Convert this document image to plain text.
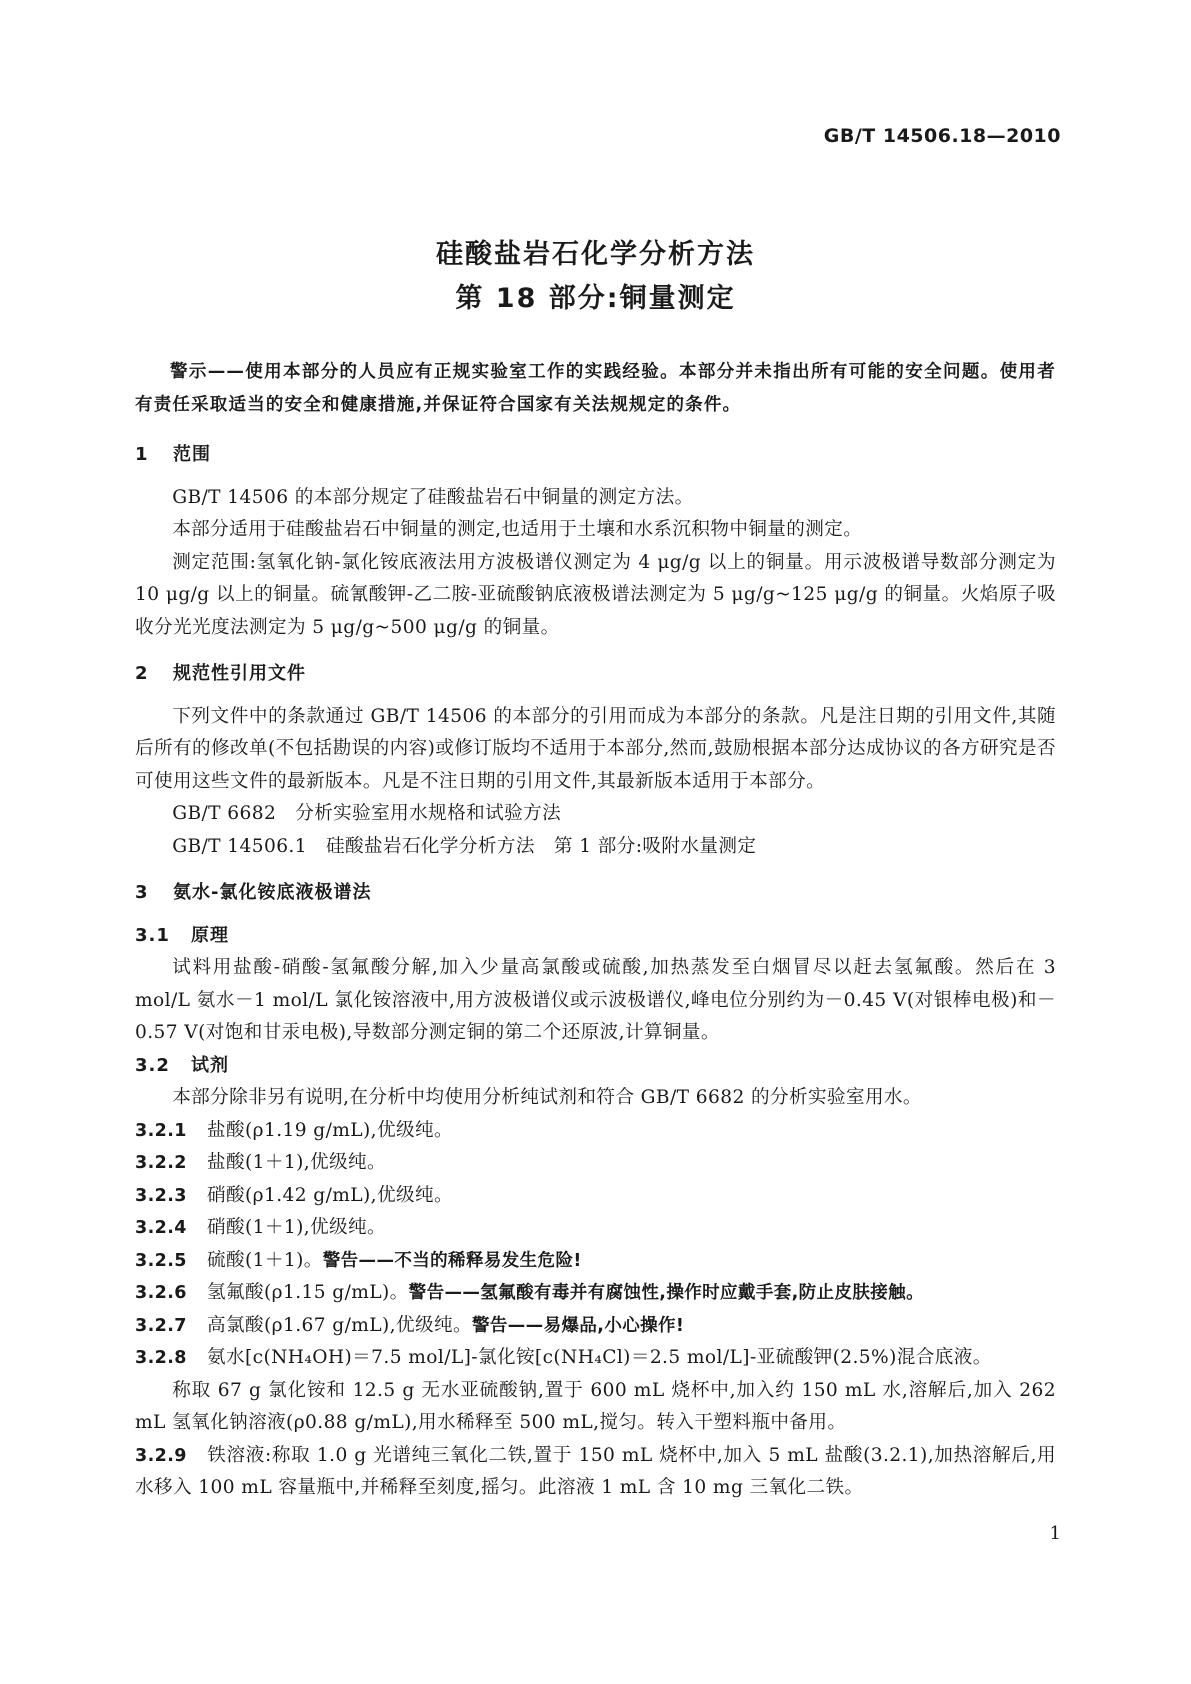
GB/T 14506.18—2010
硅酸盐岩石化学分析方法
第 18 部分:铜量测定

警示——使用本部分的人员应有正规实验室工作的实践经验。本部分并未指出所有可能的安全问题。使用者有责任采取适当的安全和健康措施,并保证符合国家有关法规规定的条件。

1 范围

GB/T 14506 的本部分规定了硅酸盐岩石中铜量的测定方法。

本部分适用于硅酸盐岩石中铜量的测定,也适用于土壤和水系沉积物中铜量的测定。

测定范围:氢氧化钠-氯化铵底液法用方波极谱仪测定为 4 μg/g 以上的铜量。用示波极谱导数部分测定为 10 μg/g 以上的铜量。硫氰酸钾-乙二胺-亚硫酸钠底液极谱法测定为 5 μg/g~125 μg/g 的铜量。火焰原子吸收分光光度法测定为 5 μg/g~500 μg/g 的铜量。

2 规范性引用文件

下列文件中的条款通过 GB/T 14506 的本部分的引用而成为本部分的条款。凡是注日期的引用文件,其随后所有的修改单(不包括勘误的内容)或修订版均不适用于本部分,然而,鼓励根据本部分达成协议的各方研究是否可使用这些文件的最新版本。凡是不注日期的引用文件,其最新版本适用于本部分。

GB/T 6682　分析实验室用水规格和试验方法

GB/T 14506.1　硅酸盐岩石化学分析方法　第 1 部分:吸附水量测定

3 氨水-氯化铵底液极谱法
3.1 原理

试料用盐酸-硝酸-氢氟酸分解,加入少量高氯酸或硫酸,加热蒸发至白烟冒尽以赶去氢氟酸。然后在 3 mol/L 氨水－1 mol/L 氯化铵溶液中,用方波极谱仪或示波极谱仪,峰电位分别约为－0.45 V(对银棒电极)和－0.57 V(对饱和甘汞电极),导数部分测定铜的第二个还原波,计算铜量。

3.2 试剂

本部分除非另有说明,在分析中均使用分析纯试剂和符合 GB/T 6682 的分析实验室用水。

3.2.1 盐酸(ρ1.19 g/mL),优级纯。

3.2.2 盐酸(1＋1),优级纯。

3.2.3 硝酸(ρ1.42 g/mL),优级纯。

3.2.4 硝酸(1＋1),优级纯。

3.2.5 硫酸(1＋1)。警告——不当的稀释易发生危险!

3.2.6 氢氟酸(ρ1.15 g/mL)。警告——氢氟酸有毒并有腐蚀性,操作时应戴手套,防止皮肤接触。

3.2.7 高氯酸(ρ1.67 g/mL),优级纯。警告——易爆品,小心操作!

3.2.8 氨水[c(NH₄OH)＝7.5 mol/L]-氯化铵[c(NH₄Cl)＝2.5 mol/L]-亚硫酸钾(2.5%)混合底液。

称取 67 g 氯化铵和 12.5 g 无水亚硫酸钠,置于 600 mL 烧杯中,加入约 150 mL 水,溶解后,加入 262 mL 氢氧化钠溶液(ρ0.88 g/mL),用水稀释至 500 mL,搅匀。转入干塑料瓶中备用。

3.2.9 铁溶液:称取 1.0 g 光谱纯三氧化二铁,置于 150 mL 烧杯中,加入 5 mL 盐酸(3.2.1),加热溶解后,用水移入 100 mL 容量瓶中,并稀释至刻度,摇匀。此溶液 1 mL 含 10 mg 三氧化二铁。

1
